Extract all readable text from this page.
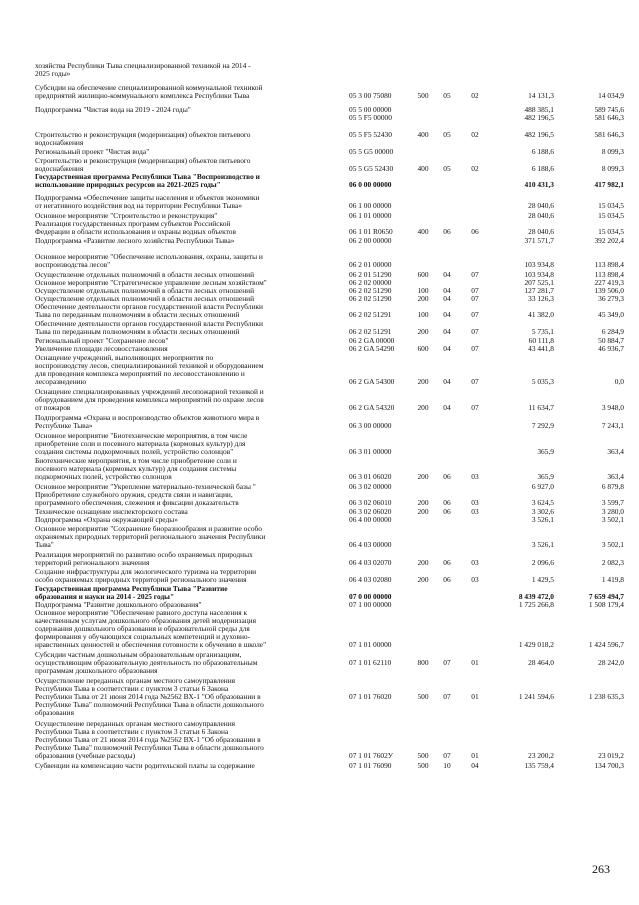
хозяйства Республики Тыва специализированной техникой на 2014 -
2025 годы»
Субсидии на обеспечение специализированной коммунальной техникой
предприятий жилищно-коммунального комплекса Республики Тыва	05 3 00 75080	500	05	02	14 131,3	14 034,9
Подпрограмма "Чистая вода на 2019 - 2024 годы"	05 5 00 00000	488 385,1	589 745,6
05 5 F5 00000	482 196,5	581 646,3
Строительство и реконструкция (модернизация) объектов питьевого
водоснабжения
05 5 F5 52430	400	05	02	482 196,5	581 646,3
Региональный проект "Чистая вода"	05 5 G5 00000	6 188,6	8 099,3
Строительство и реконструкция (модернизация) объектов питьевого
водоснабжения	05 5 G5 52430	400	05	02	6 188,6	8 099,3
Государственная программа Республики Тыва "Воспроизводство и
использование природных ресурсов на 2021-2025 годы"	06 0 00 00000	410 431,3	417 982,1
Подпрограмма «Обеспечение защиты населения и объектов экономики
от негативного воздействия вод на территории Республики Тыва»	06 1 00 00000	28 040,6	15 034,5
Основное мероприятие "Строительство и реконструкция"	06 1 01 00000	28 040,6	15 034,5
Реализация государственных программ субъектов Российской
Федерации в области использования и охраны водных объектов	06 1 01 R0650	400	06	06	28 040,6	15 034,5
Подпрограмма «Развитие лесного хозяйства Республики Тыва»	06 2 00 00000	371 571,7	392 202,4
Основное мероприятие "Обеспечение использования, охраны, защиты и
воспроизводства лесов"	06 2 01 00000	103 934,8	113 898,4
Осуществление отдельных полномочий в области лесных отношений	06 2 01 51290	600	04	07	103 934,8	113 898,4
Основное мероприятие "Стратегическое управление лесным хозяйством"	06 2 02 00000	207 525,1	227 419,3
Осуществление отдельных полномочий в области лесных отношений	06 2 02 51290	100	04	07	127 281,7	139 506,0
Осуществление отдельных полномочий в области лесных отношений	06 2 02 51290	200	04	07	33 126,3	36 279,3
Обеспечение деятельности органов государственной власти Республики
Тыва по переданным полномочиям в области лесных отношений	06 2 02 51291	100	04	07	41 382,0	45 349,0
Обеспечение деятельности органов государственной власти Республики
Тыва по переданным полномочиям в области лесных отношений	06 2 02 51291	200	04	07	5 735,1	6 284,9
Региональный проект "Сохранение лесов"	06 2 GA 00000	60 111,8	50 884,7
Увеличение площади лесовосстановления	06 2 GA 54290	600	04	07	43 441,8	46 936,7
Оснащение учреждений, выполняющих мероприятия по
воспроизводству лесов, специализированной техникой и оборудованием
для проведения комплекса мероприятий по лесовосстановлению и
лесоразведению	06 2 GA 54300	200	04	07	5 035,3	0,0
Оснащение специализированных учреждений лесопожарной техникой и
оборудованием для проведения комплекса мероприятий по охране лесов
от пожаров	06 2 GA 54320	200	04	07	11 634,7	3 948,0
Подпрограмма «Охрана и воспроизводство объектов животного мира в
Республике Тыва»	06 3 00 00000	7 292,9	7 243,1
Основное мероприятие "Биотехнические мероприятия, в том числе
приобретение соли и посевного материала (кормовых культур) для
создания системы подкормочных полей, устройство солонцов"	06 3 01 00000	365,9	363,4
Биотехнические мероприятия, в том числе приобретение соли и
посевного материала (кормовых культур) для создания системы
подкормочных полей, устройство солонцов	06 3 01 06020	200	06	03	365,9	363,4
Основное мероприятие "Укрепление материально-технической базы "	06 3 02 00000	6 927,0	6 879,8
Приобретение служебного оружия, средств связи и навигации,
программного обеспечения, слежения и фиксации доказательств	06 3 02 06010	200	06	03	3 624,5	3 599,7
Техническое оснащение инспекторского состава	06 3 02 06020	200	06	03	3 302,6	3 280,0
Подпрограмма «Охрана окружающей среды»	06 4 00 00000	3 526,1	3 502,1
Основное мероприятие "Сохранение биоразнообразия и развитие особо
охраняемых природных территорий регионального значения Республики
Тыва"	06 4 03 00000	3 526,1	3 502,1
Реализация мероприятий по развитию особо охраняемых природных
территорий регионального значения	06 4 03 02070	200	06	03	2 096,6	2 082,3
Создание инфраструктуры для экологического туризма на территории
особо охраняемых природных территорий регионального значения	06 4 03 02080	200	06	03	1 429,5	1 419,8
Государственная программа Республики Тыва "Развитие
образования и науки на 2014 - 2025 годы"	07 0 00 00000	8 439 472,0	7 659 494,7
Подпрограмма "Развитие дошкольного образования"	07 1 00 00000	1 725 266,8	1 508 179,4
Основное мероприятие "Обеспечение равного доступа населения к
качественным услугам дошкольного образования детей модернизация
содержания дошкольного образования и образовательной среды для
формирования у обучающихся социальных компетенций и духовно-
нравственных ценностей и обеспечения готовности к обучению в школе"	07 1 01 00000	1 429 018,2	1 424 596,7
Субсидии частным дошкольным образовательным организациям,
осуществляющим образовательную деятельность по образовательным
программам дошкольного образования
07 1 01 62110	800	07	01	28 464,0	28 242,0
Осуществление переданных органам местного самоуправления
Республики Тыва в соответствии с пунктом 3 статьи 6 Закона
Республики Тыва от 21 июня 2014 года №2562 ВХ-1 "Об образовании в
Республике Тыва" полномочий Республики Тыва в области дошкольного
образования
07 1 01 76020	500	07	01	1 241 594,6	1 238 635,3
Осуществление переданных органам местного самоуправления
Республики Тыва в соответствии с пунктом 3 статьи 6 Закона
Республики Тыва от 21 июня 2014 года №2562 ВХ-1 "Об образовании в
Республике Тыва" полномочий Республики Тыва в области дошкольного
образования (учебные расходы)	07 1 01 7602У	500	07	01	23 200,2	23 019,2
Субвенции на компенсацию части родительской платы за содержание	07 1 01 76090	500	10	04	135 759,4	134 700,3
263
